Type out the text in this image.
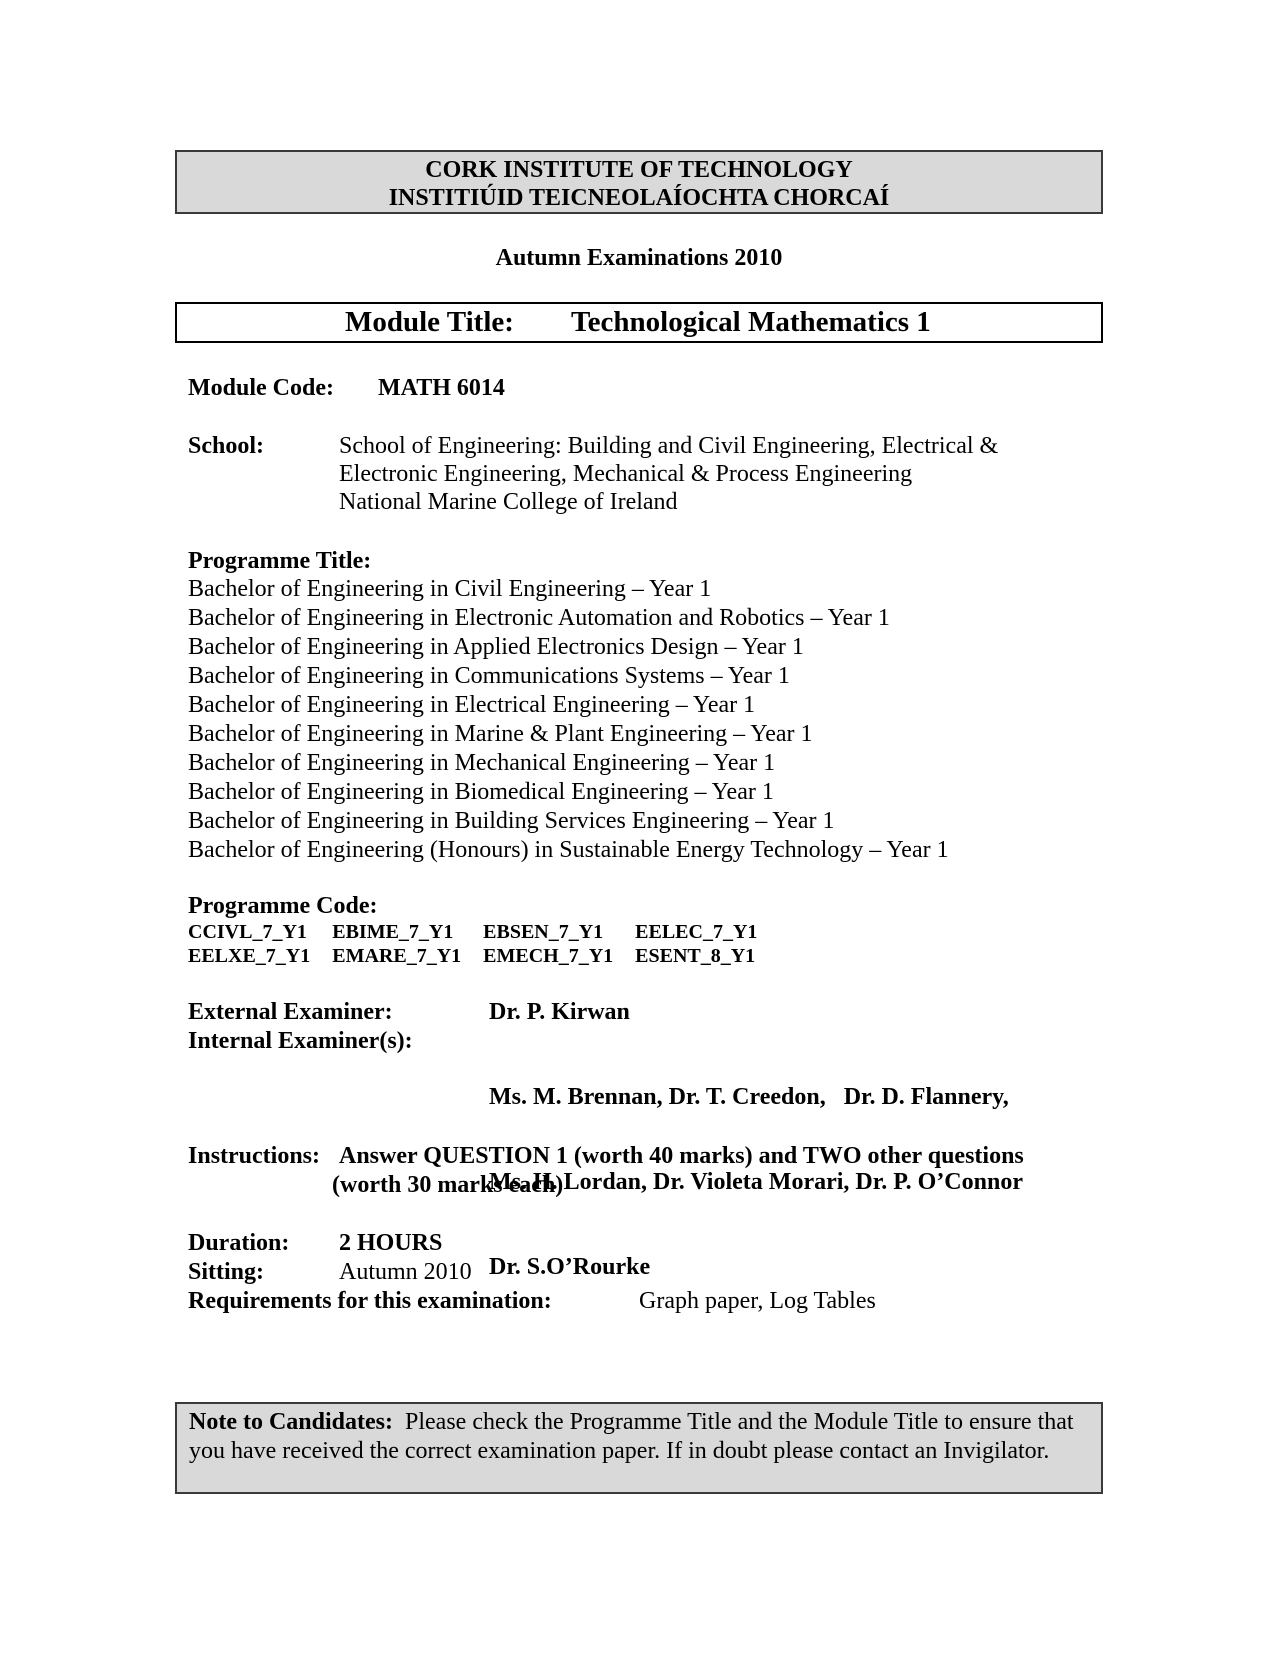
CORK INSTITUTE OF TECHNOLOGY
INSTITIÚID TEICNEOLAÍOCHTA CHORCAÍ
Autumn Examinations 2010
Module Title: Technological Mathematics 1
Module Code: MATH 6014
School:	School of Engineering: Building and Civil Engineering, Electrical &
Electronic Engineering, Mechanical & Process Engineering
National Marine College of Ireland
Programme Title:
Bachelor of Engineering in Civil Engineering – Year 1
Bachelor of Engineering in Electronic Automation and Robotics – Year 1
Bachelor of Engineering in Applied Electronics Design – Year 1
Bachelor of Engineering in Communications Systems – Year 1
Bachelor of Engineering in Electrical Engineering – Year 1
Bachelor of Engineering in Marine & Plant Engineering – Year 1
Bachelor of Engineering in Mechanical Engineering – Year 1
Bachelor of Engineering in Biomedical Engineering – Year 1
Bachelor of Engineering in Building Services Engineering – Year 1
Bachelor of Engineering (Honours) in Sustainable Energy Technology – Year 1
Programme Code:
CCIVL_7_Y1	EBIME_7_Y1	EBSEN_7_Y1	EELEC_7_Y1
EELXE_7_Y1	EMARE_7_Y1	EMECH_7_Y1	ESENT_8_Y1
External Examiner:	Dr. P. Kirwan
Internal Examiner(s):

Ms. M. Brennan, Dr. T. Creedon,   Dr. D. Flannery,

Ms. H. Lordan, Dr. Violeta Morari, Dr. P. O’Connor

Dr. S.O’Rourke

Instructions: Answer QUESTION 1 (worth 40 marks) and TWO other questions
(worth 30 marks each)
Duration: 2 HOURS
Sitting:	Autumn 2010
Requirements for this examination:	Graph paper, Log Tables
Note to Candidates: Please check the Programme Title and the Module Title to ensure that you have received the correct examination paper. If in doubt please contact an Invigilator.
